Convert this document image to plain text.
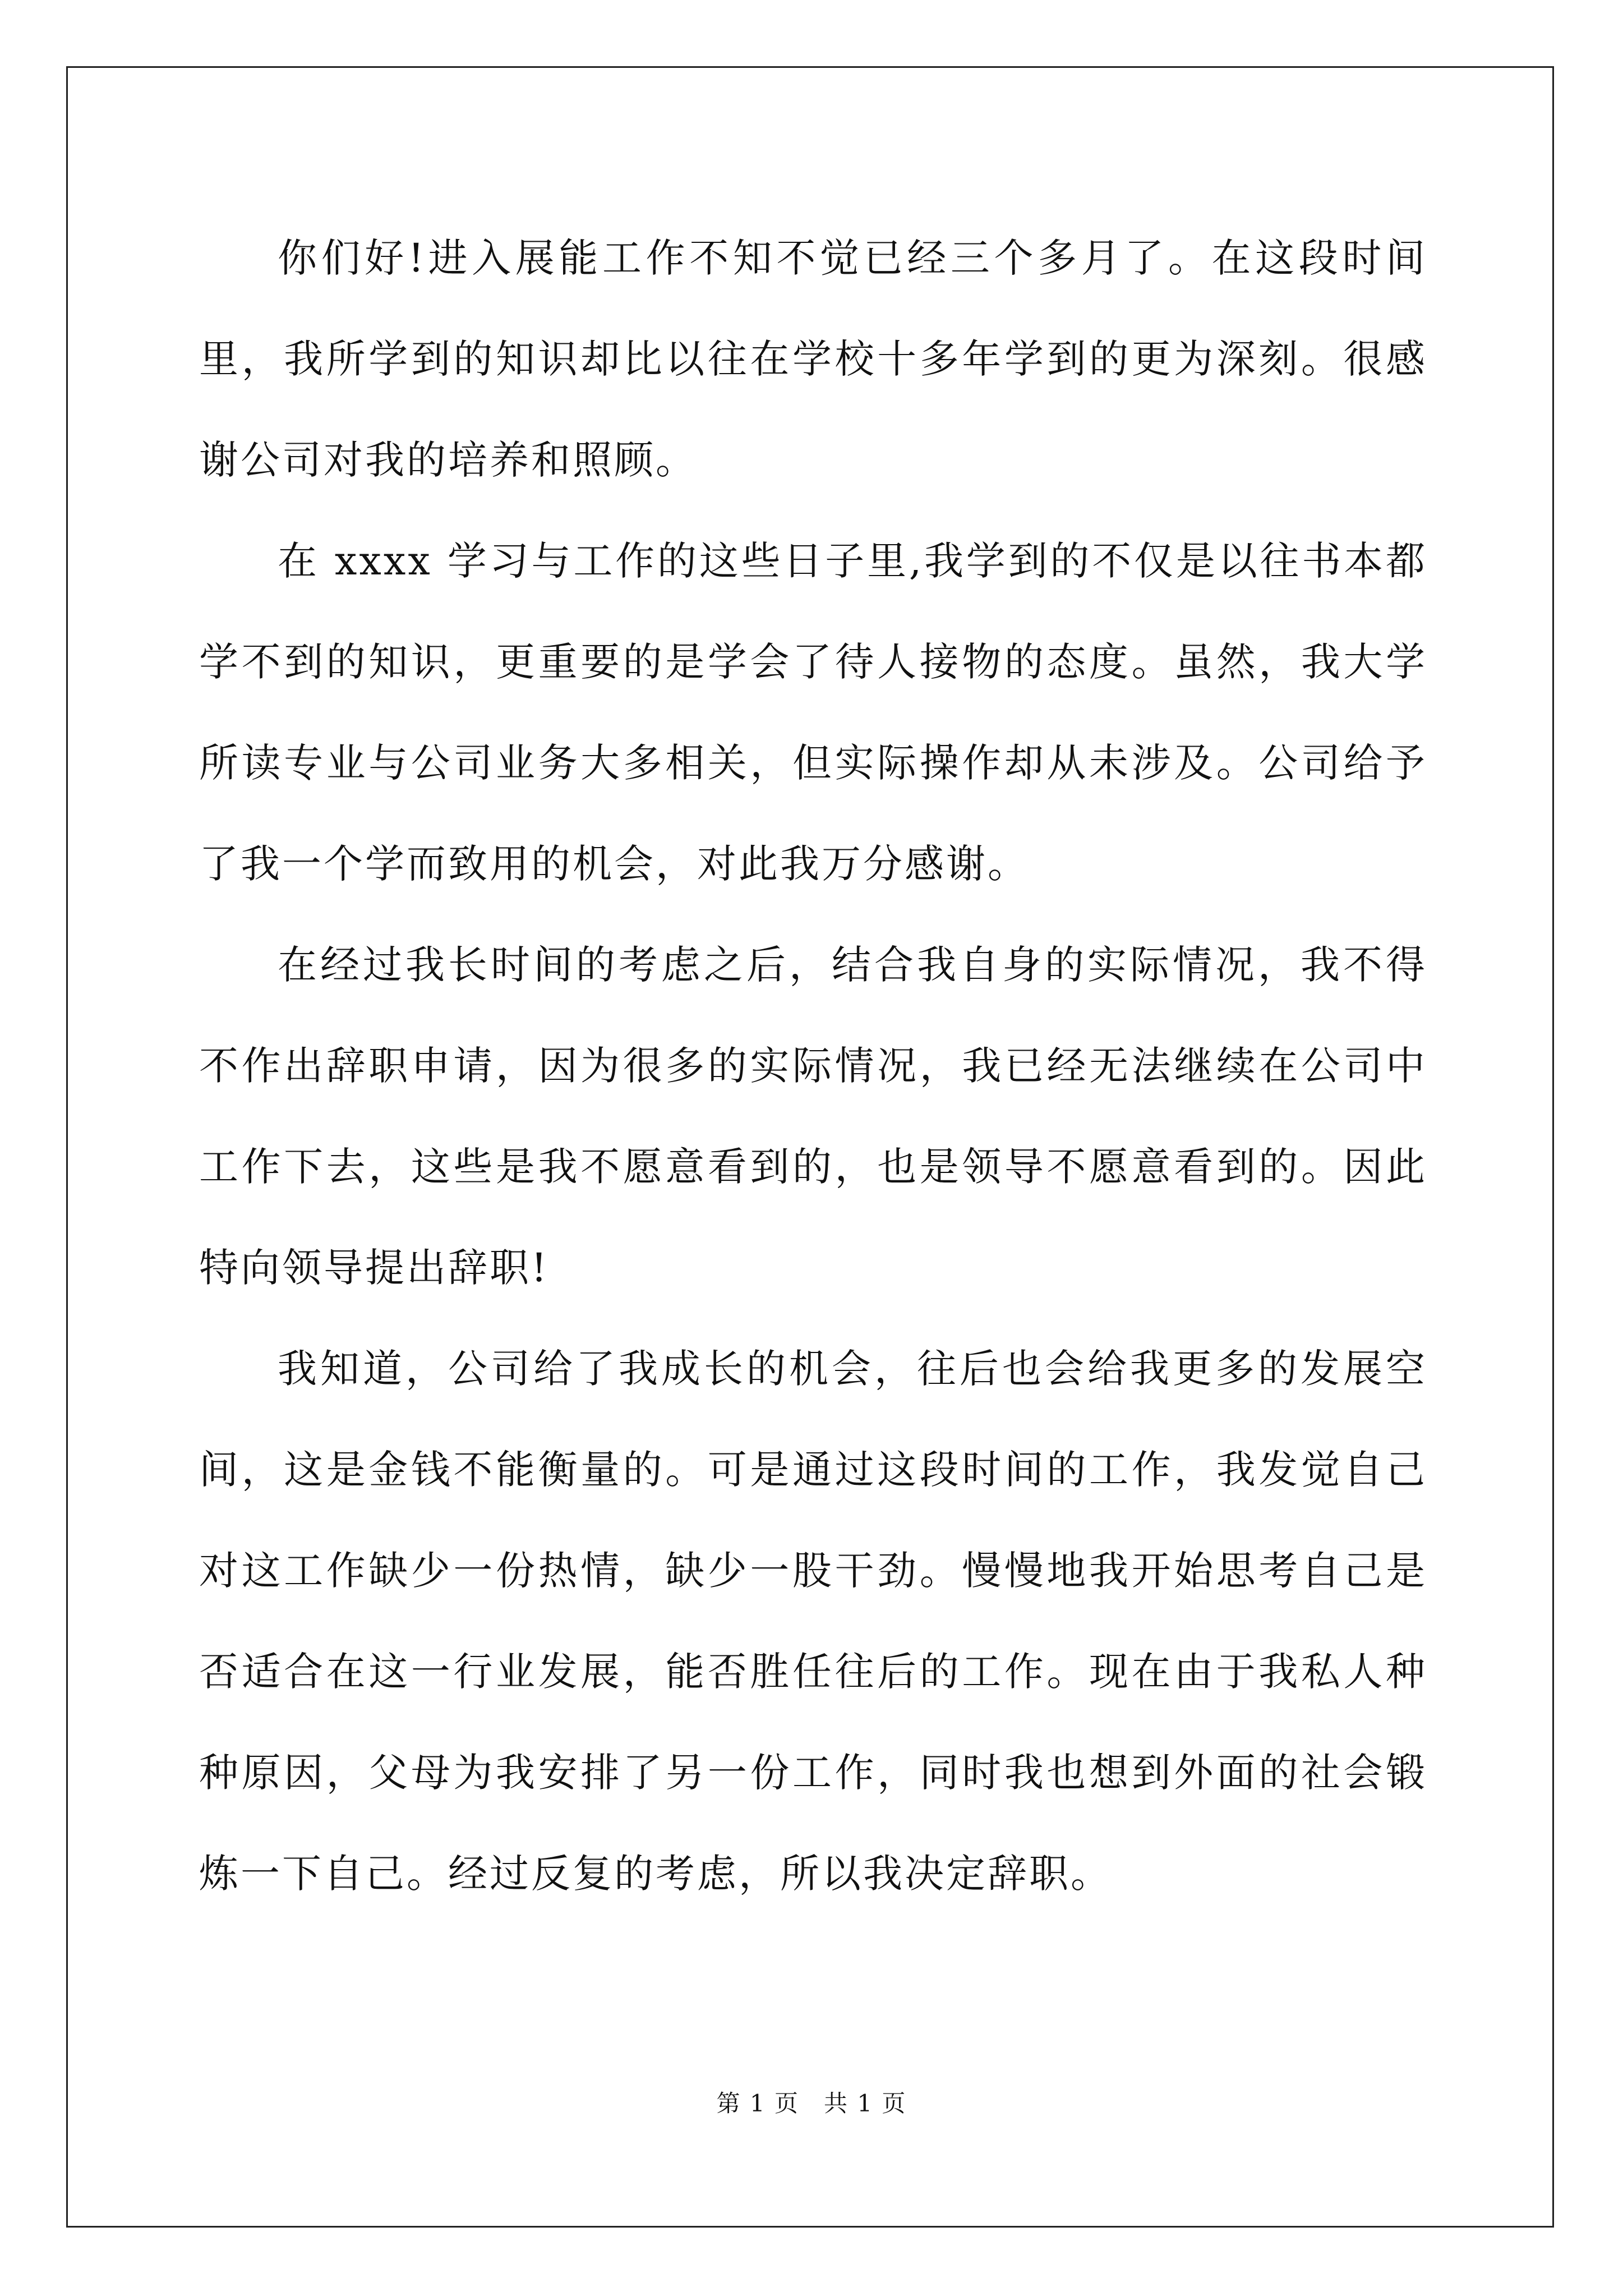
你们好!进入展能工作不知不觉已经三个多月了。在这段时间里，我所学到的知识却比以往在学校十多年学到的更为深刻。很感谢公司对我的培养和照顾。

在 xxxx 学习与工作的这些日子里,我学到的不仅是以往书本都学不到的知识，更重要的是学会了待人接物的态度。虽然，我大学所读专业与公司业务大多相关，但实际操作却从未涉及。公司给予了我一个学而致用的机会，对此我万分感谢。

在经过我长时间的考虑之后，结合我自身的实际情况，我不得不作出辞职申请，因为很多的实际情况，我已经无法继续在公司中工作下去，这些是我不愿意看到的，也是领导不愿意看到的。因此特向领导提出辞职!

我知道，公司给了我成长的机会，往后也会给我更多的发展空间，这是金钱不能衡量的。可是通过这段时间的工作，我发觉自己对这工作缺少一份热情，缺少一股干劲。慢慢地我开始思考自己是否适合在这一行业发展，能否胜任往后的工作。现在由于我私人种种原因，父母为我安排了另一份工作，同时我也想到外面的社会锻炼一下自己。经过反复的考虑，所以我决定辞职。

第 1 页　共 1 页
